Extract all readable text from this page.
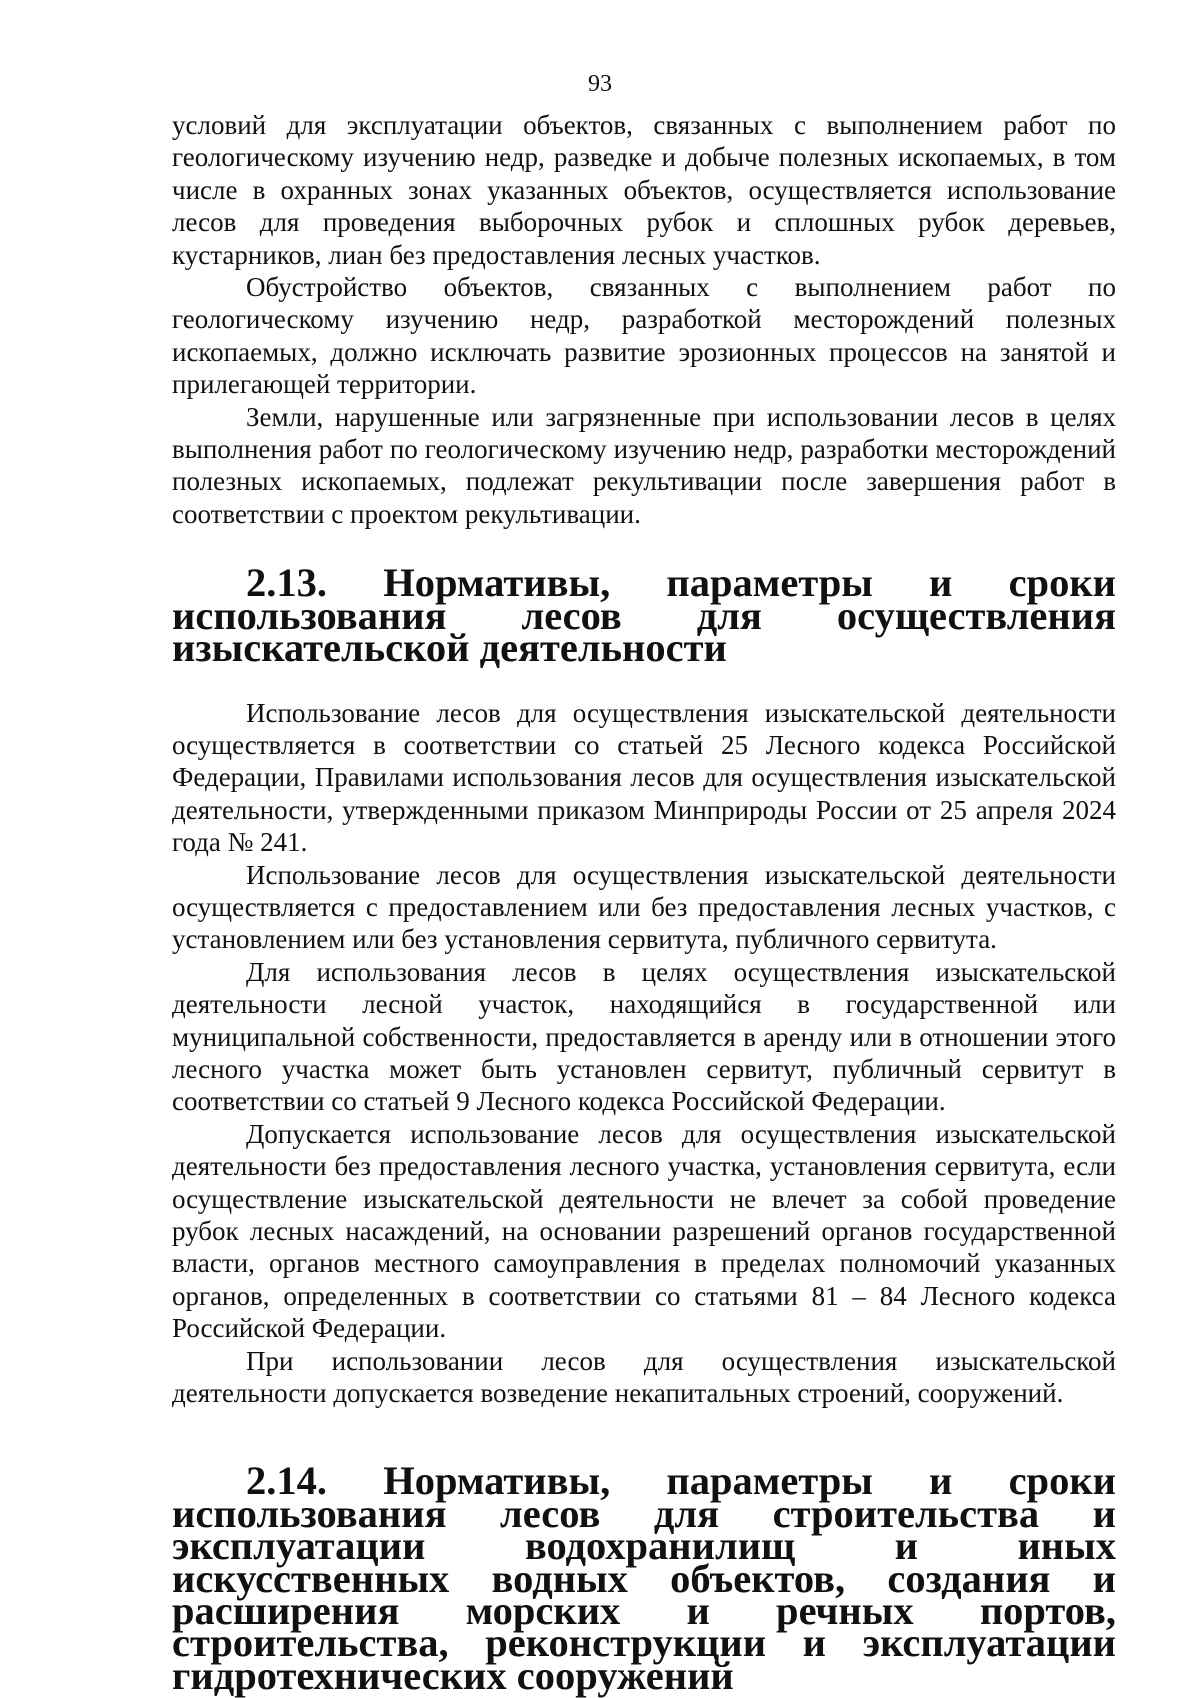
93

условий для эксплуатации объектов, связанных с выполнением работ по геологическому изучению недр, разведке и добыче полезных ископаемых, в том числе в охранных зонах указанных объектов, осуществляется использование лесов для проведения выборочных рубок и сплошных рубок деревьев, кустарников, лиан без предоставления лесных участков.

Обустройство объектов, связанных с выполнением работ по геологическому изучению недр, разработкой месторождений полезных ископаемых, должно исключать развитие эрозионных процессов на занятой и прилегающей территории.

Земли, нарушенные или загрязненные при использовании лесов в целях выполнения работ по геологическому изучению недр, разработки месторождений полезных ископаемых, подлежат рекультивации после завершения работ в соответствии с проектом рекультивации.

2.13. Нормативы, параметры и сроки использования лесов для осуществления изыскательской деятельности

Использование лесов для осуществления изыскательской деятельности осуществляется в соответствии со статьей 25 Лесного кодекса Российской Федерации, Правилами использования лесов для осуществления изыскательской деятельности, утвержденными приказом Минприроды России от 25 апреля 2024 года № 241.

Использование лесов для осуществления изыскательской деятельности осуществляется с предоставлением или без предоставления лесных участков, с установлением или без установления сервитута, публичного сервитута.

Для использования лесов в целях осуществления изыскательской деятельности лесной участок, находящийся в государственной или муниципальной собственности, предоставляется в аренду или в отношении этого лесного участка может быть установлен сервитут, публичный сервитут в соответствии со статьей 9 Лесного кодекса Российской Федерации.

Допускается использование лесов для осуществления изыскательской деятельности без предоставления лесного участка, установления сервитута, если осуществление изыскательской деятельности не влечет за собой проведение рубок лесных насаждений, на основании разрешений органов государственной власти, органов местного самоуправления в пределах полномочий указанных органов, определенных в соответствии со статьями 81 – 84 Лесного кодекса Российской Федерации.

При использовании лесов для осуществления изыскательской деятельности допускается возведение некапитальных строений, сооружений.

2.14. Нормативы, параметры и сроки использования лесов для строительства и эксплуатации водохранилищ и иных искусственных водных объектов, создания и расширения морских и речных портов, строительства, реконструкции и эксплуатации гидротехнических сооружений
